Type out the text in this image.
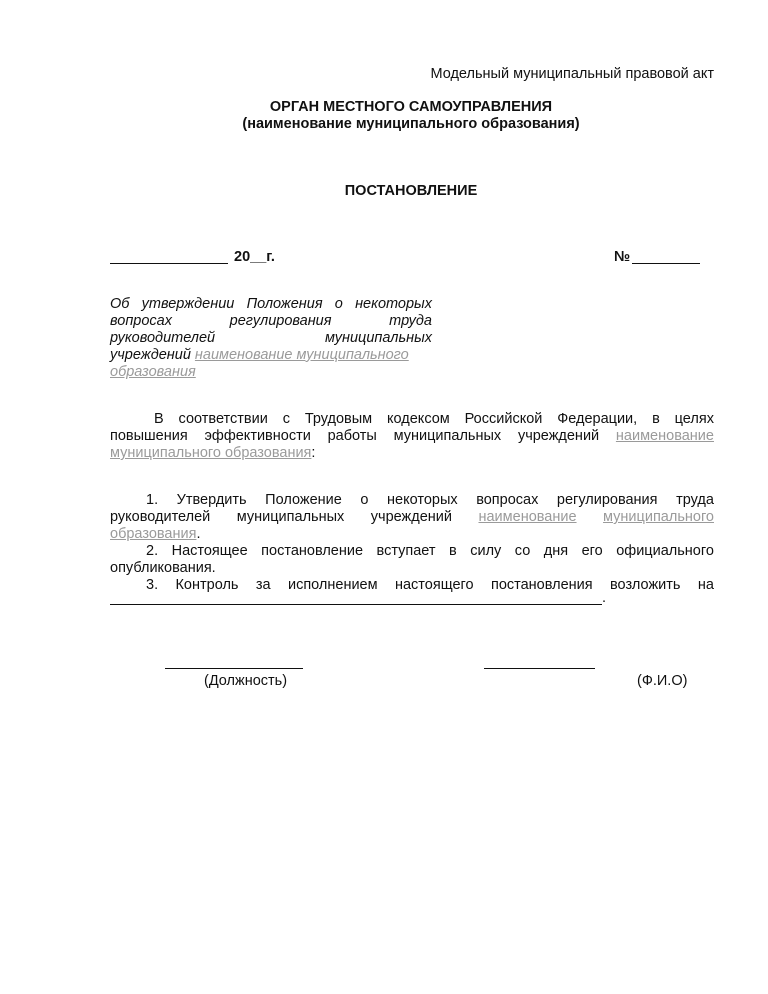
Модельный муниципальный правовой акт
ОРГАН МЕСТНОГО САМОУПРАВЛЕНИЯ
(наименование муниципального образования)
ПОСТАНОВЛЕНИЕ
20__г.	№
Об утверждении Положения о некоторых
вопросах	регулирования	труда
руководителей	муниципальных
учреждений наименование муниципального
образования
В соответствии с Трудовым кодексом Российской Федерации, в целях
повышения эффективности работы муниципальных учреждений наименование
муниципального образования:
1. Утвердить Положение о некоторых вопросах регулирования труда
руководителей муниципальных учреждений наименование муниципального
образования.
2. Настоящее постановление вступает в силу со дня его официального
опубликования.
3. Контроль за исполнением настоящего постановления возложить на
.
(Должность)	(Ф.И.О)
